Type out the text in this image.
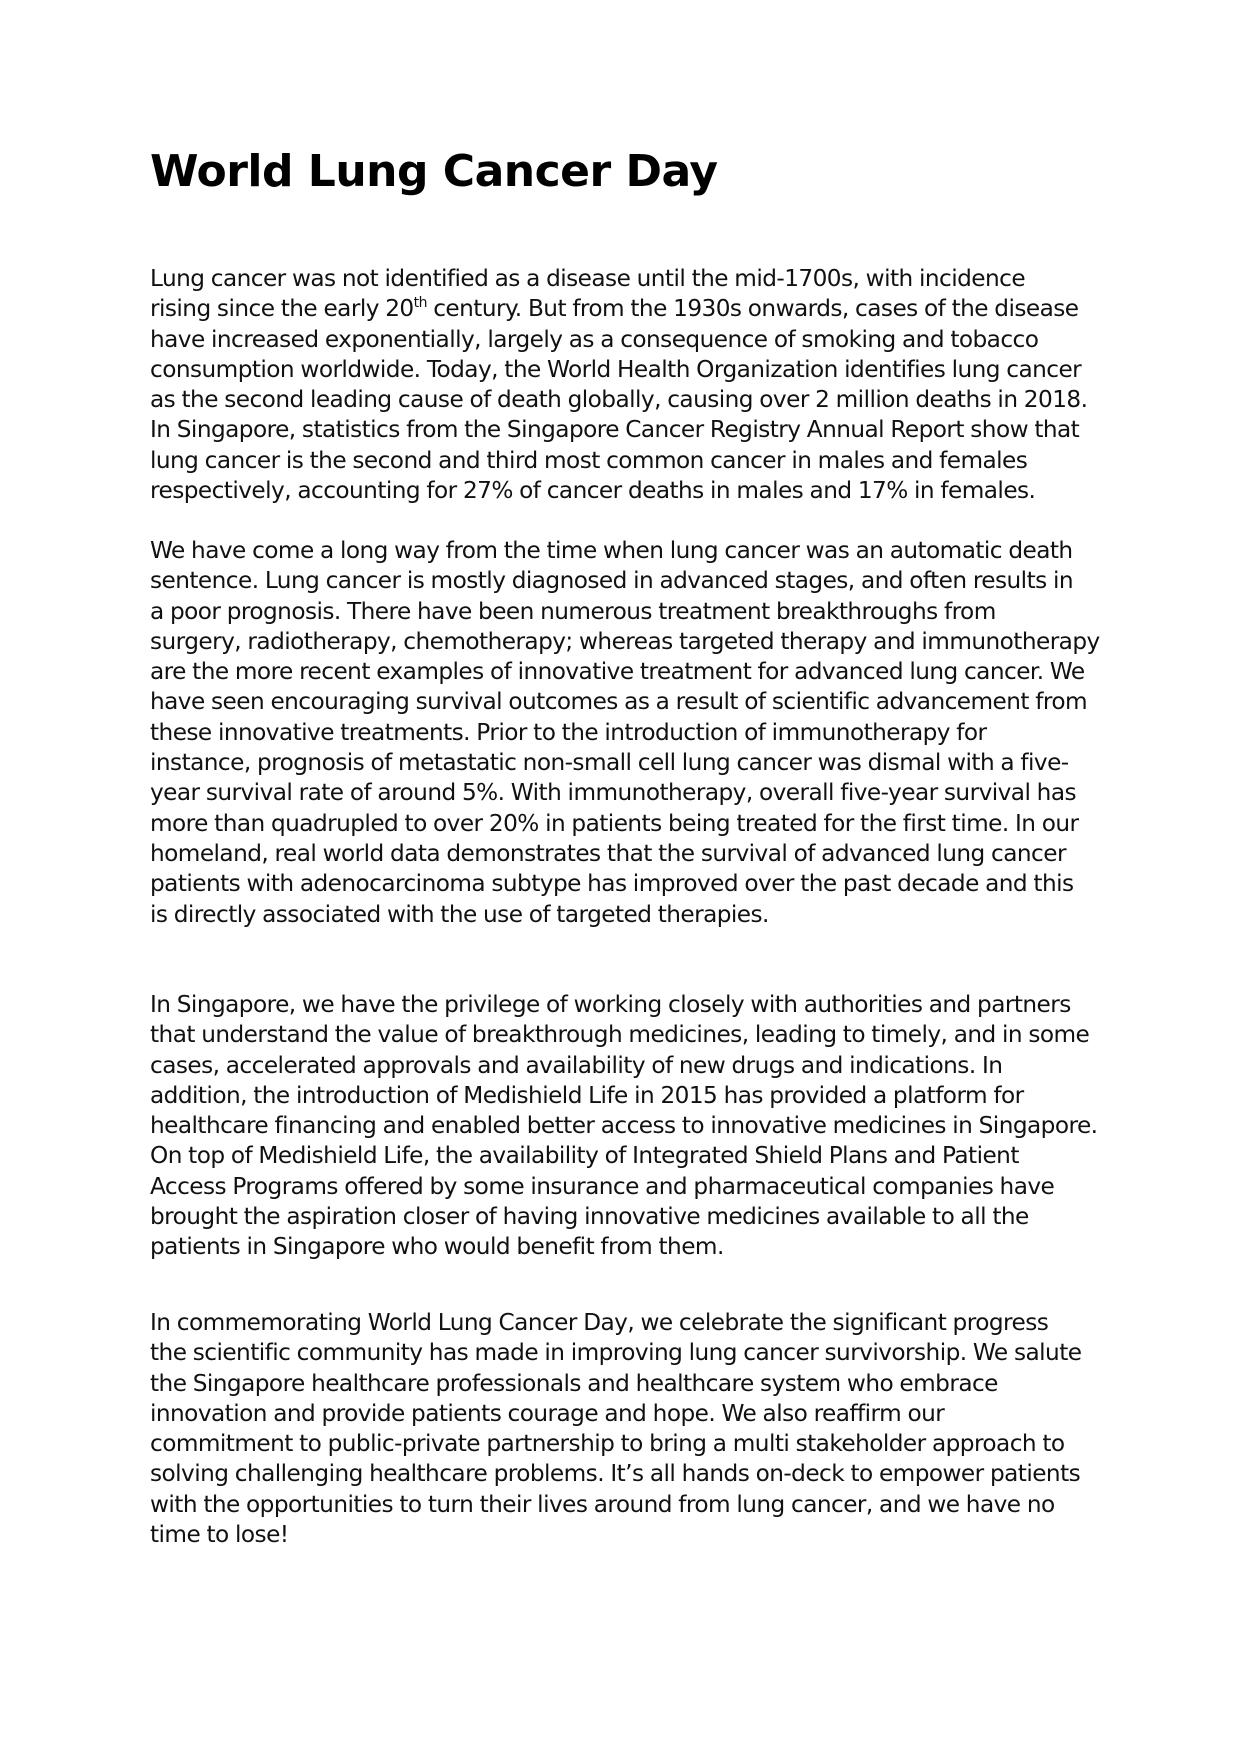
World Lung Cancer Day

Lung cancer was not identified as a disease until the mid-1700s, with incidence
rising since the early 20th century. But from the 1930s onwards, cases of the disease
have increased exponentially, largely as a consequence of smoking and tobacco
consumption worldwide. Today, the World Health Organization identifies lung cancer
as the second leading cause of death globally, causing over 2 million deaths in 2018.
In Singapore, statistics from the Singapore Cancer Registry Annual Report show that
lung cancer is the second and third most common cancer in males and females
respectively, accounting for 27% of cancer deaths in males and 17% in females.

We have come a long way from the time when lung cancer was an automatic death
sentence. Lung cancer is mostly diagnosed in advanced stages, and often results in
a poor prognosis. There have been numerous treatment breakthroughs from
surgery, radiotherapy, chemotherapy; whereas targeted therapy and immunotherapy
are the more recent examples of innovative treatment for advanced lung cancer. We
have seen encouraging survival outcomes as a result of scientific advancement from
these innovative treatments. Prior to the introduction of immunotherapy for
instance, prognosis of metastatic non-small cell lung cancer was dismal with a five-
year survival rate of around 5%. With immunotherapy, overall five-year survival has
more than quadrupled to over 20% in patients being treated for the first time. In our
homeland, real world data demonstrates that the survival of advanced lung cancer
patients with adenocarcinoma subtype has improved over the past decade and this
is directly associated with the use of targeted therapies.

In Singapore, we have the privilege of working closely with authorities and partners
that understand the value of breakthrough medicines, leading to timely, and in some
cases, accelerated approvals and availability of new drugs and indications. In
addition, the introduction of Medishield Life in 2015 has provided a platform for
healthcare financing and enabled better access to innovative medicines in Singapore.
On top of Medishield Life, the availability of Integrated Shield Plans and Patient
Access Programs offered by some insurance and pharmaceutical companies have
brought the aspiration closer of having innovative medicines available to all the
patients in Singapore who would benefit from them.

In commemorating World Lung Cancer Day, we celebrate the significant progress
the scientific community has made in improving lung cancer survivorship. We salute
the Singapore healthcare professionals and healthcare system who embrace
innovation and provide patients courage and hope. We also reaffirm our
commitment to public-private partnership to bring a multi stakeholder approach to
solving challenging healthcare problems. It’s all hands on-deck to empower patients
with the opportunities to turn their lives around from lung cancer, and we have no
time to lose!
